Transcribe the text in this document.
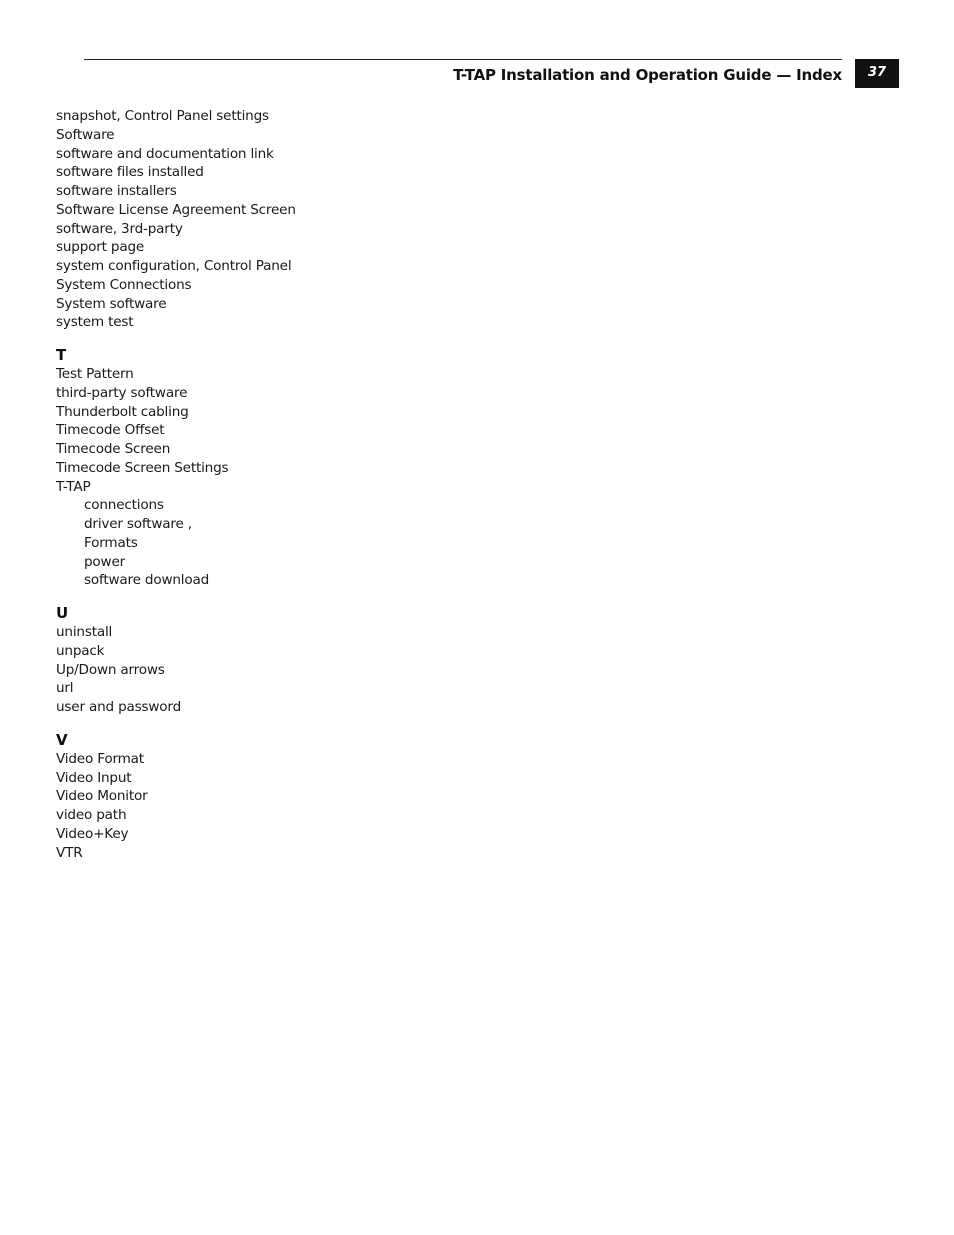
T-TAP Installation and Operation Guide — Index	37
snapshot, Control Panel settings
Software
software and documentation link
software files installed
software installers
Software License Agreement Screen
software, 3rd-party
support page
system configuration, Control Panel
System Connections
System software
system test
T
Test Pattern
third-party software
Thunderbolt cabling
Timecode Offset
Timecode Screen
Timecode Screen Settings
T-TAP
connections
driver software ,
Formats
power
software download
U
uninstall
unpack
Up/Down arrows
url
user and password
V
Video Format
Video Input
Video Monitor
video path
Video+Key
VTR
